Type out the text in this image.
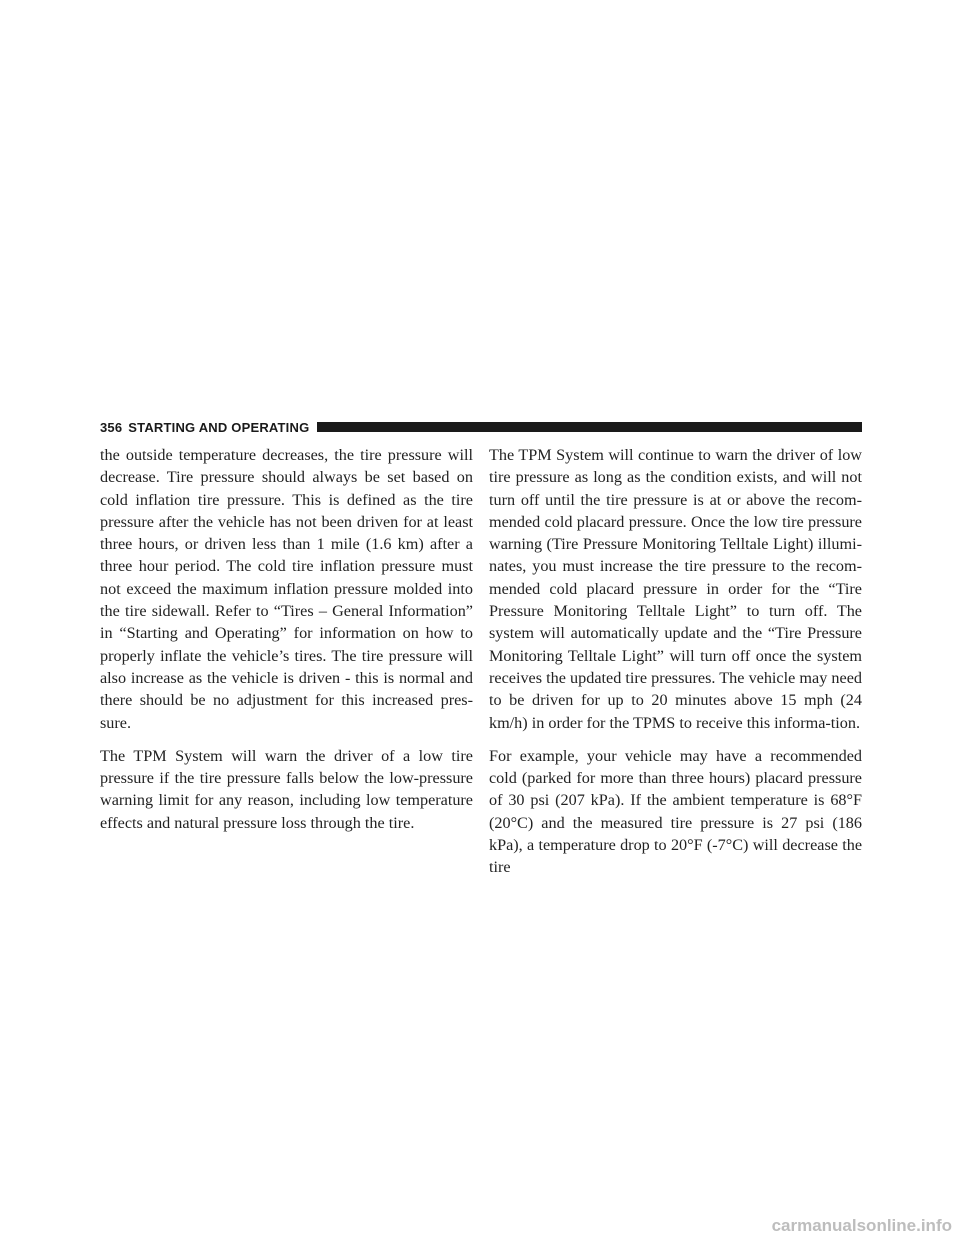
356 STARTING AND OPERATING

the outside temperature decreases, the tire pressure will decrease. Tire pressure should always be set based on cold inflation tire pressure. This is defined as the tire pressure after the vehicle has not been driven for at least three hours, or driven less than 1 mile (1.6 km) after a three hour period. The cold tire inflation pressure must not exceed the maximum inflation pressure molded into the tire sidewall. Refer to “Tires – General Information” in “Starting and Operating” for information on how to properly inflate the vehicle’s tires. The tire pressure will also increase as the vehicle is driven - this is normal and there should be no adjustment for this increased pres-sure.

The TPM System will warn the driver of a low tire pressure if the tire pressure falls below the low-pressure warning limit for any reason, including low temperature effects and natural pressure loss through the tire.

The TPM System will continue to warn the driver of low tire pressure as long as the condition exists, and will not turn off until the tire pressure is at or above the recom-mended cold placard pressure. Once the low tire pressure warning (Tire Pressure Monitoring Telltale Light) illumi-nates, you must increase the tire pressure to the recom-mended cold placard pressure in order for the “Tire Pressure Monitoring Telltale Light” to turn off. The system will automatically update and the “Tire Pressure Monitoring Telltale Light” will turn off once the system receives the updated tire pressures. The vehicle may need to be driven for up to 20 minutes above 15 mph (24 km/h) in order for the TPMS to receive this informa-tion.

For example, your vehicle may have a recommended cold (parked for more than three hours) placard pressure of 30 psi (207 kPa). If the ambient temperature is 68°F (20°C) and the measured tire pressure is 27 psi (186 kPa), a temperature drop to 20°F (-7°C) will decrease the tire

carmanualsonline.info
